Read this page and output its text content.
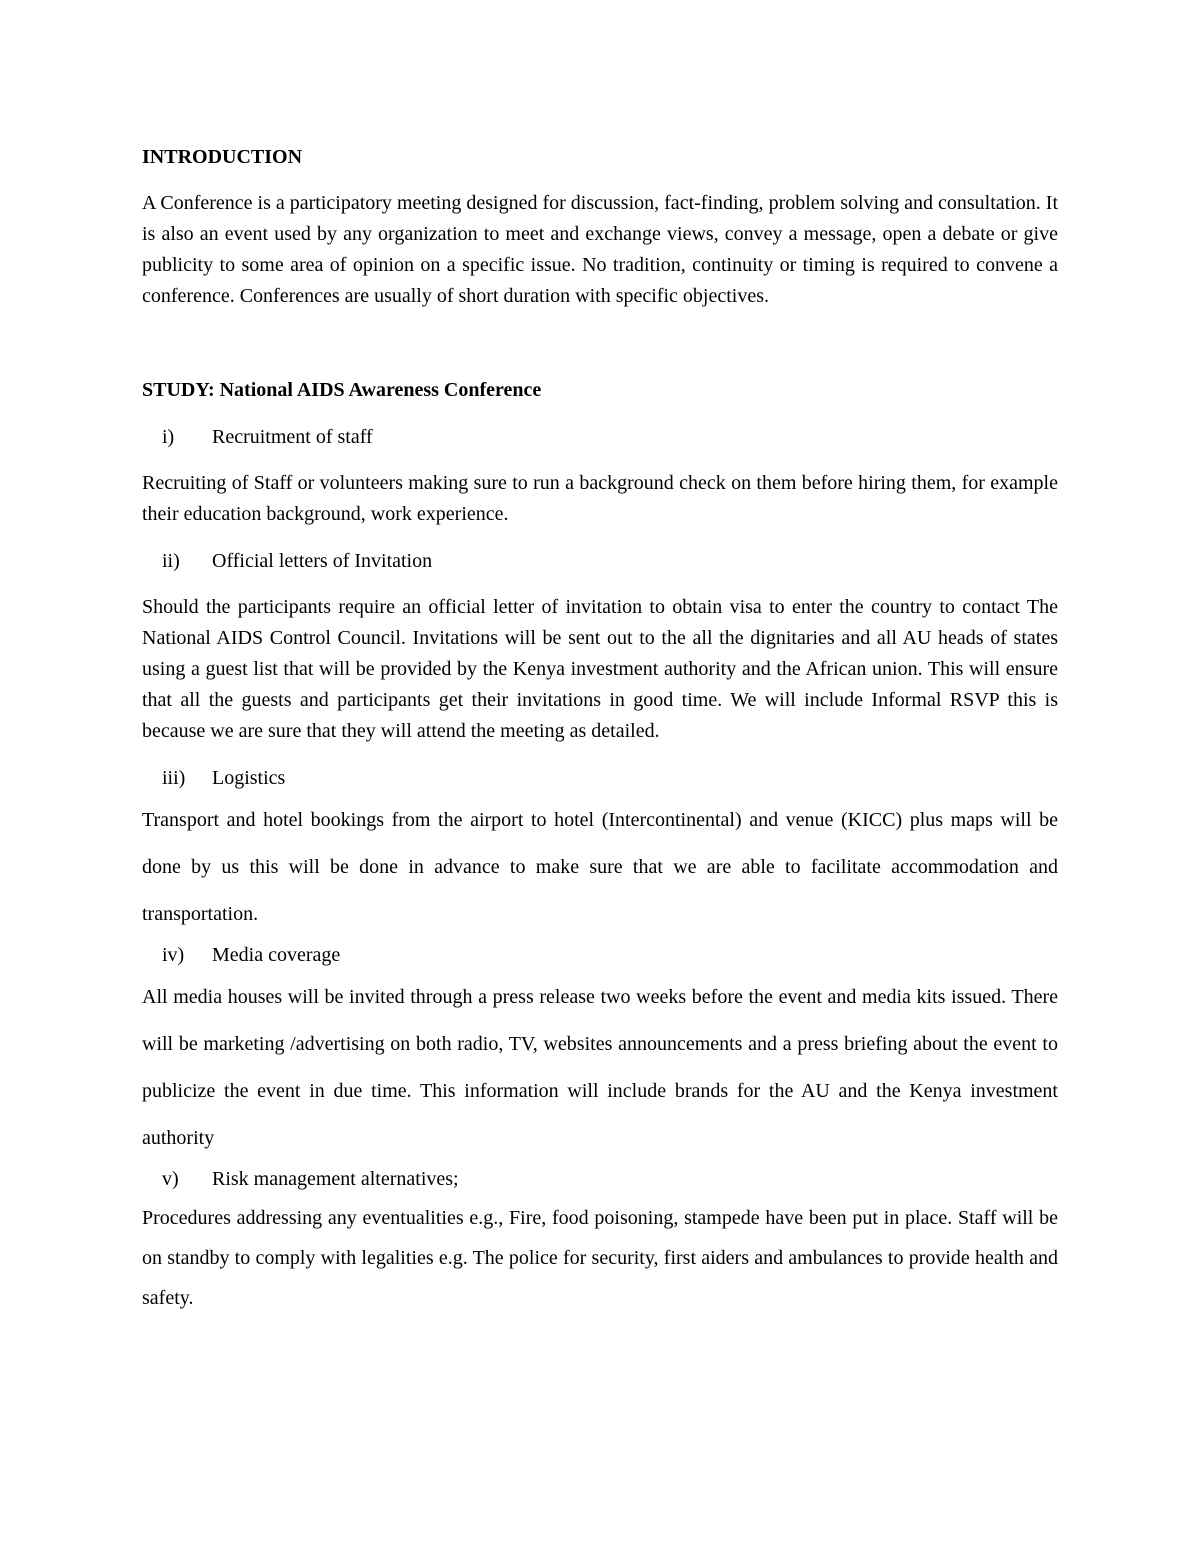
INTRODUCTION

A Conference is a participatory meeting designed for discussion, fact-finding, problem solving and consultation. It is also an event used by any organization to meet and exchange views, convey a message, open a debate or give publicity to some area of opinion on a specific issue. No tradition, continuity or timing is required to convene a conference. Conferences are usually of short duration with specific objectives.

STUDY: National AIDS Awareness Conference

i)	Recruitment of staff

Recruiting of Staff or volunteers making sure to run a background check on them before hiring them, for example their education background, work experience.

ii)	Official letters of Invitation

Should the participants require an official letter of invitation to obtain visa to enter the country to contact The National AIDS Control Council. Invitations will be sent out to the all the dignitaries and all AU heads of states using a guest list that will be provided by the Kenya investment authority and the African union. This will ensure that all the guests and participants get their invitations in good time. We will include Informal RSVP this is because we are sure that they will attend the meeting as detailed.

iii)	Logistics

Transport and hotel bookings from the airport to hotel (Intercontinental) and venue (KICC) plus maps will be done by us this will be done in advance to make sure that we are able to facilitate accommodation and transportation.

iv)	Media coverage

All media houses will be invited through a press release two weeks before the event and media kits issued. There will be marketing /advertising on both radio, TV, websites announcements and a press briefing about the event to publicize the event in due time. This information will include brands for the AU and the Kenya investment authority

v)	Risk management alternatives;

Procedures addressing any eventualities e.g., Fire, food poisoning, stampede have been put in place. Staff will be on standby to comply with legalities e.g. The police for security, first aiders and ambulances to provide health and safety.
